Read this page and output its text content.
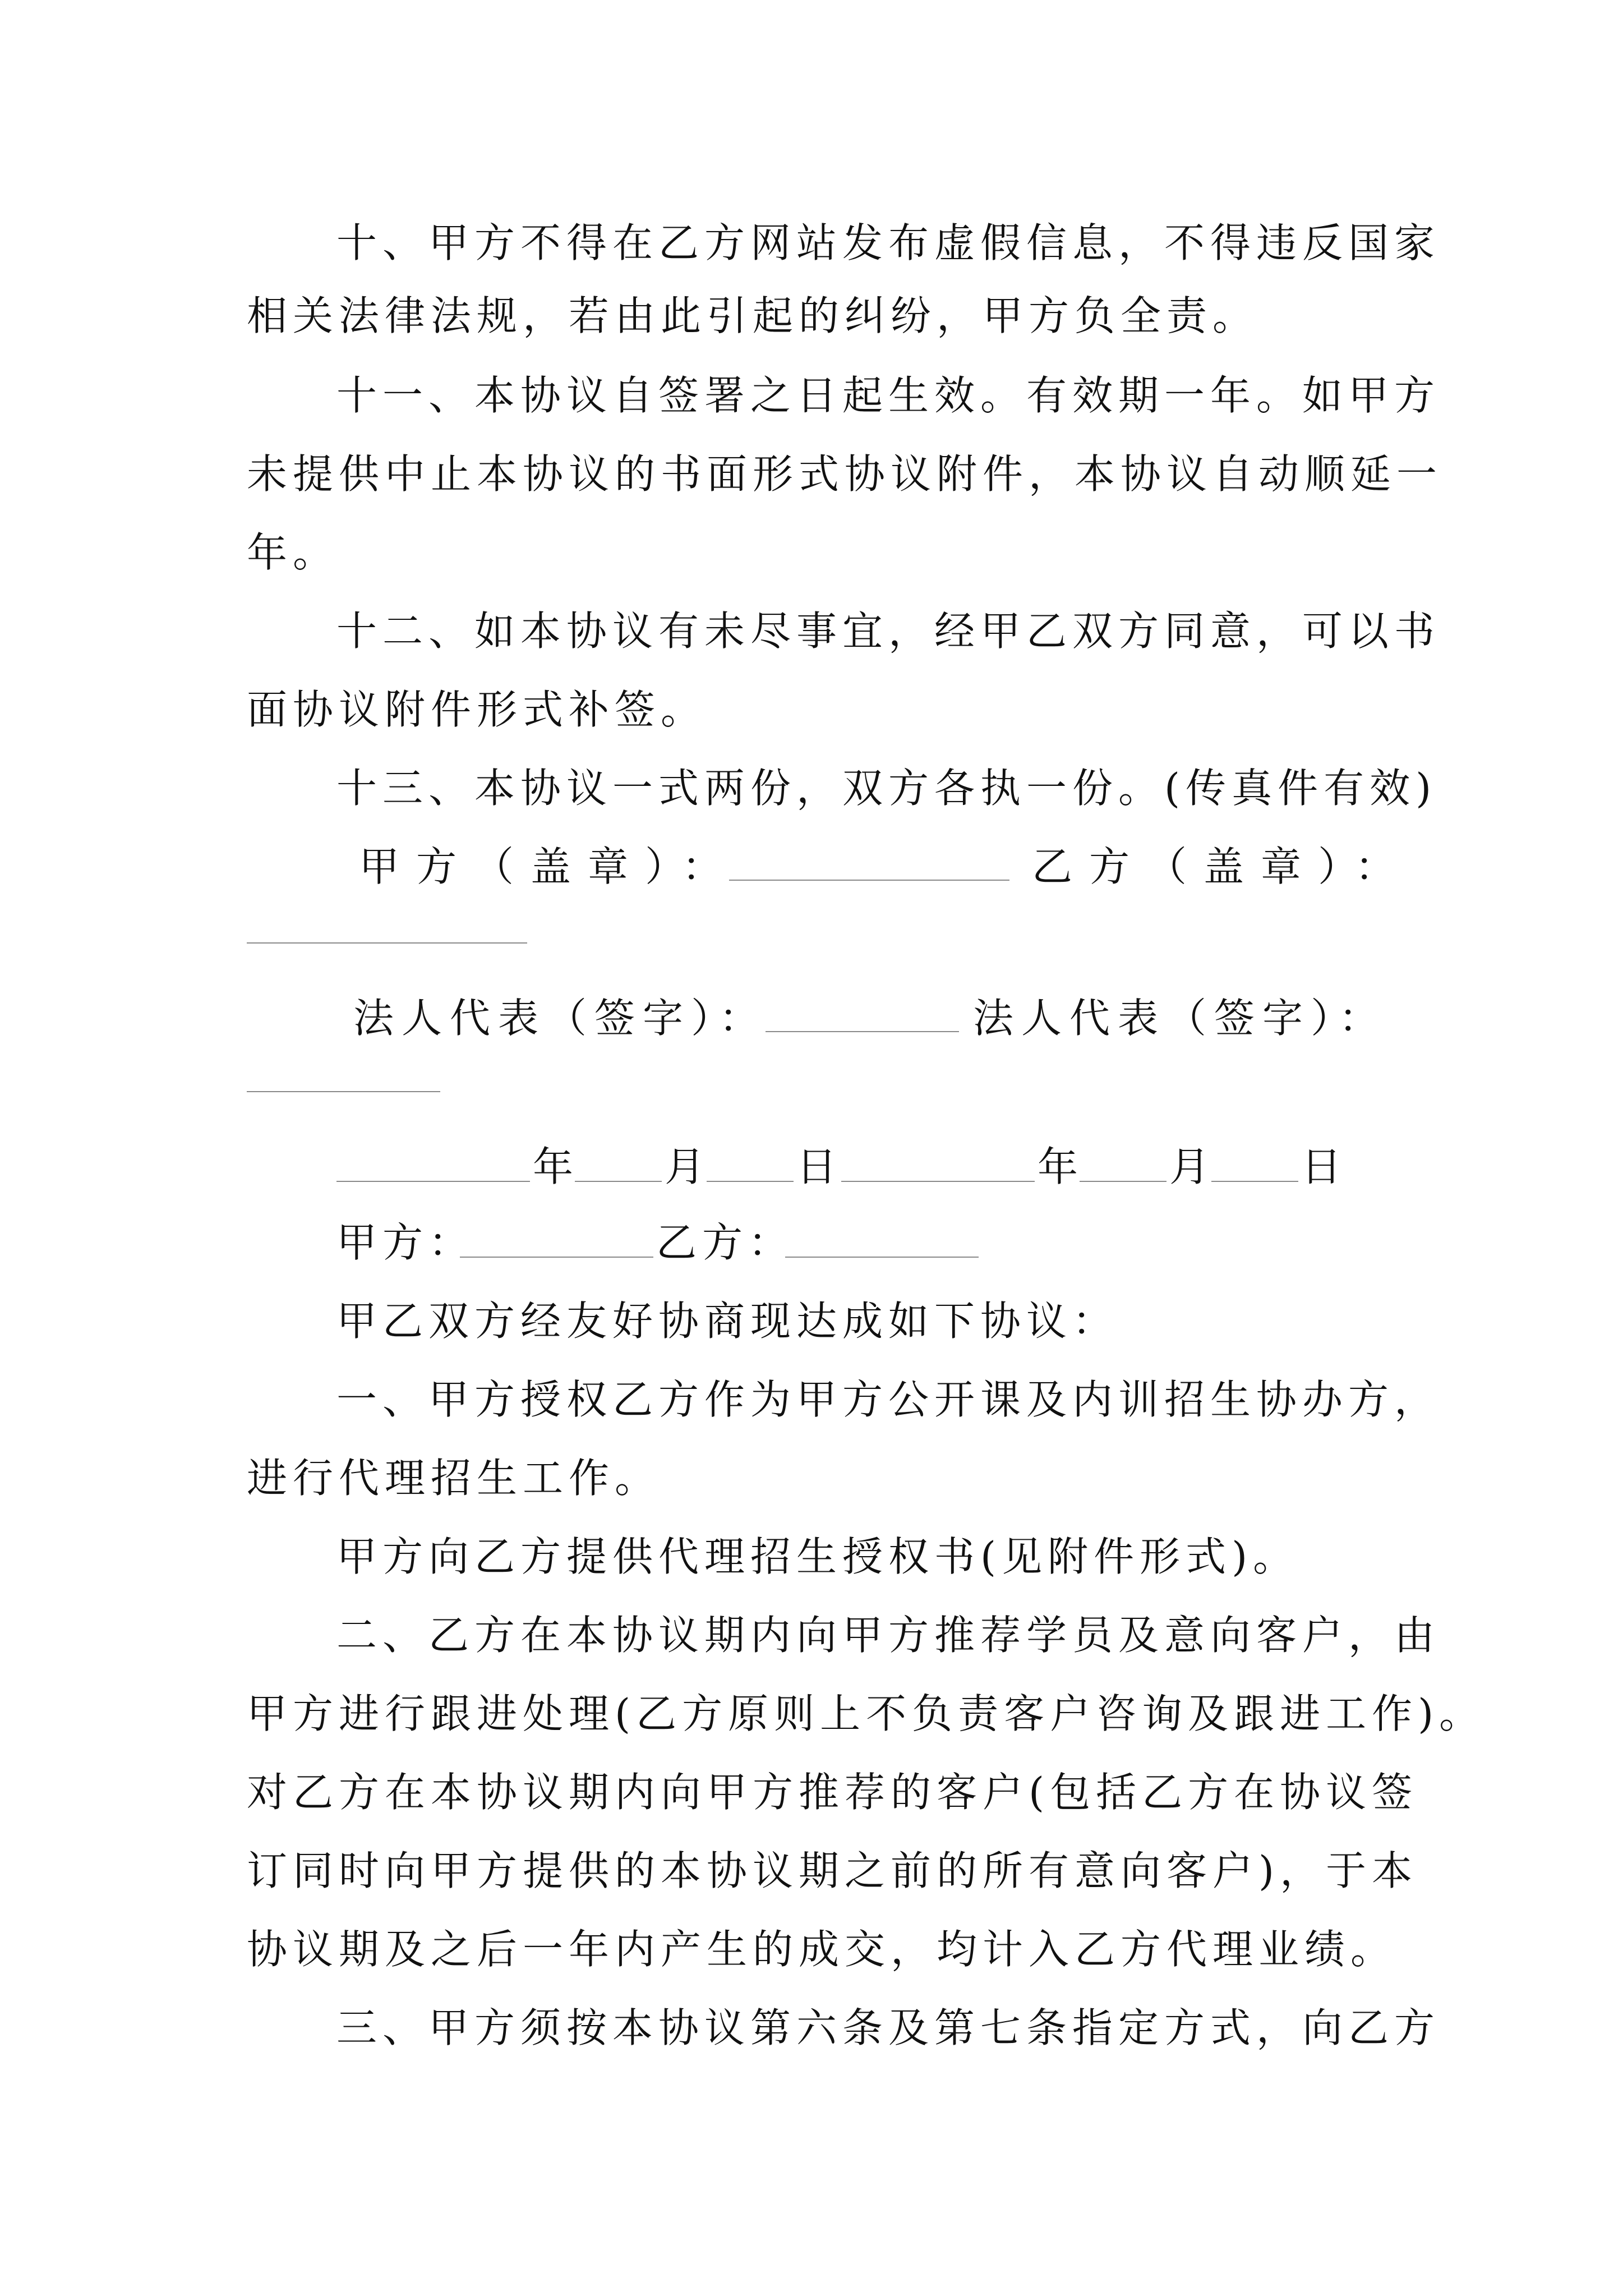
十、甲方不得在乙方网站发布虚假信息，不得违反国家
相关法律法规，若由此引起的纠纷，甲方负全责。
十一、本协议自签署之日起生效。有效期一年。如甲方
未提供中止本协议的书面形式协议附件，本协议自动顺延一
年。
十二、如本协议有未尽事宜，经甲乙双方同意，可以书
面协议附件形式补签。
十三、本协议一式两份，双方各执一份。(传真件有效)
甲方（盖章）：	乙方（盖章）：
法人代表（签字）：	法人代表（签字）：
年 月 日	年 月 日
甲方：	乙方：
甲乙双方经友好协商现达成如下协议：
一、甲方授权乙方作为甲方公开课及内训招生协办方，
进行代理招生工作。
甲方向乙方提供代理招生授权书(见附件形式)。
二、乙方在本协议期内向甲方推荐学员及意向客户，由
甲方进行跟进处理(乙方原则上不负责客户咨询及跟进工作)。
对乙方在本协议期内向甲方推荐的客户(包括乙方在协议签
订同时向甲方提供的本协议期之前的所有意向客户)，于本
协议期及之后一年内产生的成交，均计入乙方代理业绩。
三、甲方须按本协议第六条及第七条指定方式，向乙方
